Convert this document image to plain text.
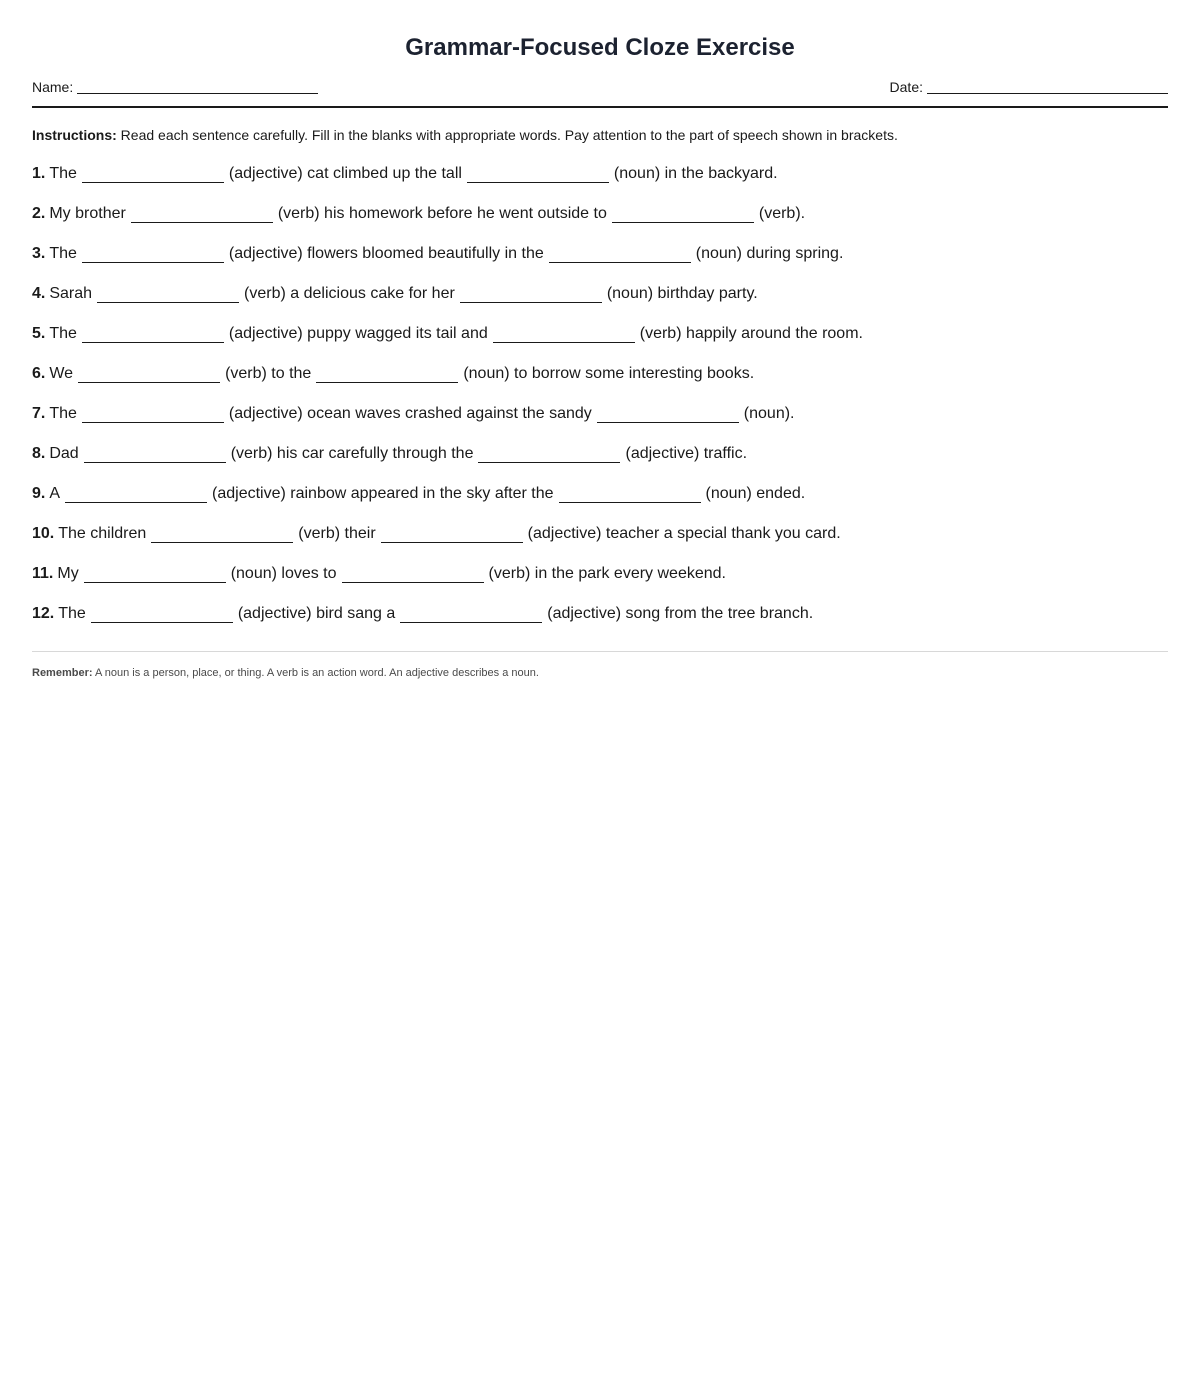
Grammar-Focused Cloze Exercise
Name:	Date:
Instructions: Read each sentence carefully. Fill in the blanks with appropriate words. Pay attention to the part of speech shown in brackets.
1. The	(adjective) cat climbed up the tall	(noun) in the backyard.
2. My brother	(verb) his homework before he went outside to	(verb).
3. The	(adjective) flowers bloomed beautifully in the	(noun) during spring.
4. Sarah	(verb) a delicious cake for her	(noun) birthday party.
5. The	(adjective) puppy wagged its tail and	(verb) happily around the room.
6. We	(verb) to the	(noun) to borrow some interesting books.
7. The	(adjective) ocean waves crashed against the sandy	(noun).
8. Dad	(verb) his car carefully through the	(adjective) traffic.
9. A	(adjective) rainbow appeared in the sky after the	(noun) ended.
10. The children	(verb) their	(adjective) teacher a special thank you card.
11. My	(noun) loves to	(verb) in the park every weekend.
12. The	(adjective) bird sang a	(adjective) song from the tree branch.
Remember: A noun is a person, place, or thing. A verb is an action word. An adjective describes a noun.
